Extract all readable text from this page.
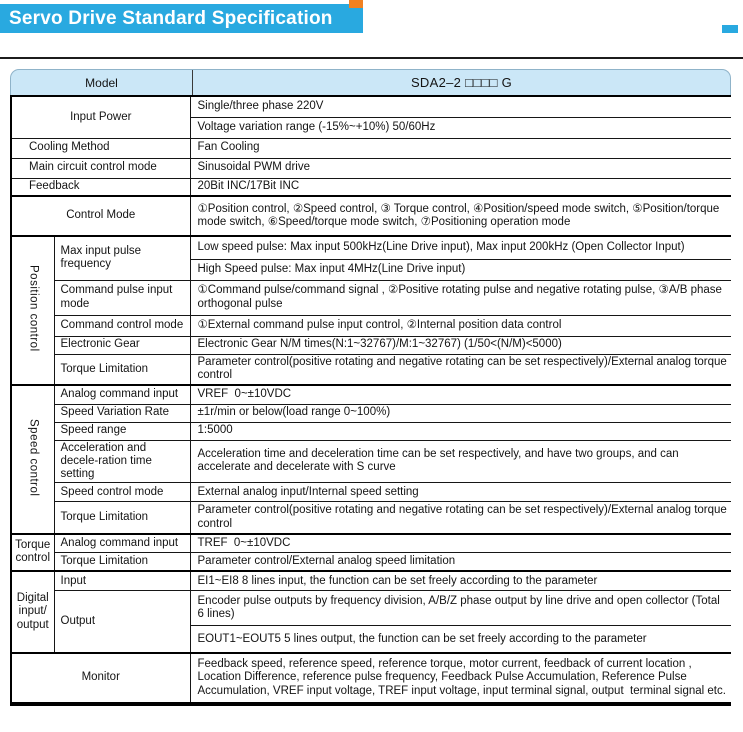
Servo Drive Standard Specification
Model	SDA2–2 □□□□ G
Input Power		Single/three phase 220V
		Voltage variation range (-15%~+10%) 50/60Hz
Cooling Method		Fan Cooling
Main circuit control mode		Sinusoidal PWM drive
Feedback		20Bit INC/17Bit INC
Control Mode		①Position control, ②Speed control, ③ Torque control, ④Position/speed mode switch, ⑤Position/torque mode switch, ⑥Speed/torque mode switch, ⑦Positioning operation mode
Position control	Max input pulse frequency	Low speed pulse: Max input 500kHz(Line Drive input), Max input 200kHz (Open Collector Input)
		High Speed pulse: Max input 4MHz(Line Drive input)
	Command pulse input mode	①Command pulse/command signal , ②Positive rotating pulse and negative rotating pulse, ③A/B phase orthogonal pulse
	Command control mode	①External command pulse input control, ②Internal position data control
	Electronic Gear	Electronic Gear N/M times(N:1~32767)/M:1~32767) (1/50<(N/M)<5000)
	Torque Limitation	Parameter control(positive rotating and negative rotating can be set respectively)/External analog torque control
Speed control	Analog command input	VREF  0~±10VDC
	Speed Variation Rate	±1r/min or below(load range 0~100%)
	Speed range	1:5000
	Acceleration and decele-ration time setting	Acceleration time and deceleration time can be set respectively, and have two groups, and can accelerate and decelerate with S curve
	Speed control mode	External analog input/Internal speed setting
	Torque Limitation	Parameter control(positive rotating and negative rotating can be set respectively)/External analog torque control
Torque control	Analog command input	TREF  0~±10VDC
	Torque Limitation	Parameter control/External analog speed limitation
Digital input/ output	Input	EI1~EI8 8 lines input, the function can be set freely according to the parameter
	Output	Encoder pulse outputs by frequency division, A/B/Z phase output by line drive and open collector (Total 6 lines)
		EOUT1~EOUT5 5 lines output, the function can be set freely according to the parameter
Monitor		Feedback speed, reference speed, reference torque, motor current, feedback of current location , Location Difference, reference pulse frequency, Feedback Pulse Accumulation, Reference Pulse Accumulation, VREF input voltage, TREF input voltage, input terminal signal, output  terminal signal etc.
